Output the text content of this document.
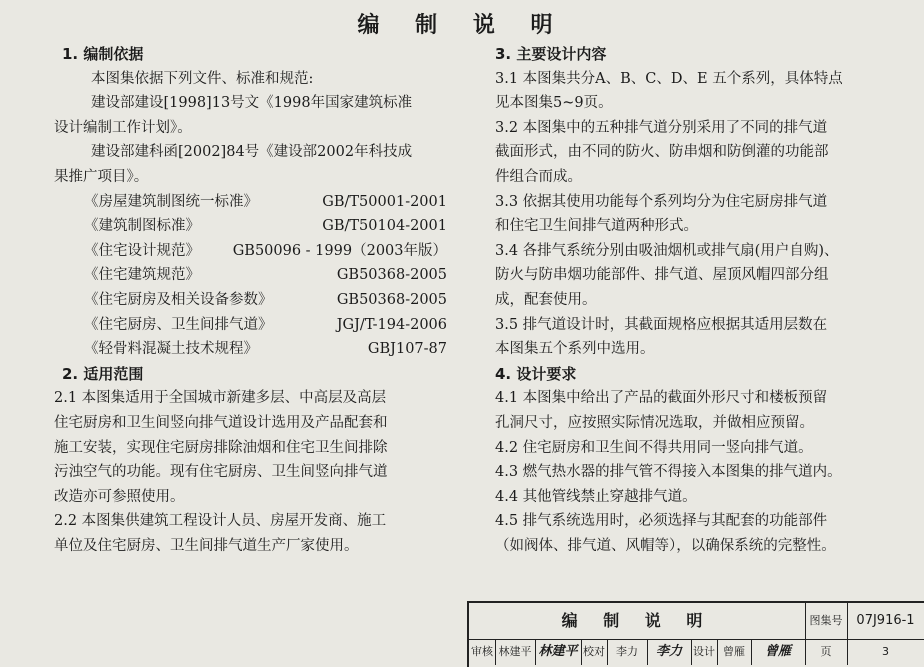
编 制 说 明
1. 编制依据
本图集依据下列文件、标准和规范:
建设部建设[1998]13号文《1998年国家建筑标准
设计编制工作计划》。
建设部建科函[2002]84号《建设部2002年科技成
果推广项目》。
《房屋建筑制图统一标准》	GB/T50001-2001
《建筑制图标准》	GB/T50104-2001
《住宅设计规范》 GB50096 - 1999（2003年版）
《住宅建筑规范》	GB50368-2005
《住宅厨房及相关设备参数》	GB50368-2005
《住宅厨房、卫生间排气道》	JGJ/T-194-2006
《轻骨料混凝土技术规程》	GBJ107-87
2. 适用范围
2.1 本图集适用于全国城市新建多层、中高层及高层
住宅厨房和卫生间竖向排气道设计选用及产品配套和
施工安装，实现住宅厨房排除油烟和住宅卫生间排除
污浊空气的功能。现有住宅厨房、卫生间竖向排气道
改造亦可参照使用。
2.2 本图集供建筑工程设计人员、房屋开发商、施工
单位及住宅厨房、卫生间排气道生产厂家使用。
3. 主要设计内容
3.1 本图集共分A、B、C、D、E 五个系列，具体特点
见本图集5~9页。
3.2 本图集中的五种排气道分别采用了不同的排气道
截面形式，由不同的防火、防串烟和防倒灌的功能部
件组合而成。
3.3 依据其使用功能每个系列均分为住宅厨房排气道
和住宅卫生间排气道两种形式。
3.4 各排气系统分别由吸油烟机或排气扇(用户自购)、
防火与防串烟功能部件、排气道、屋顶风帽四部分组
成，配套使用。
3.5 排气道设计时，其截面规格应根据其适用层数在
本图集五个系列中选用。
4. 设计要求
4.1 本图集中给出了产品的截面外形尺寸和楼板预留
孔洞尺寸，应按照实际情况选取，并做相应预留。
4.2 住宅厨房和卫生间不得共用同一竖向排气道。
4.3 燃气热水器的排气管不得接入本图集的排气道内。
4.4 其他管线禁止穿越排气道。
4.5 排气系统选用时，必须选择与其配套的功能部件
（如阀体、排气道、风帽等），以确保系统的完整性。
编 制 说 明	图集号	07J916-1
审核 林建平 林建平 校对	李力	李力	设计 曾雁	曾雁	页	3
